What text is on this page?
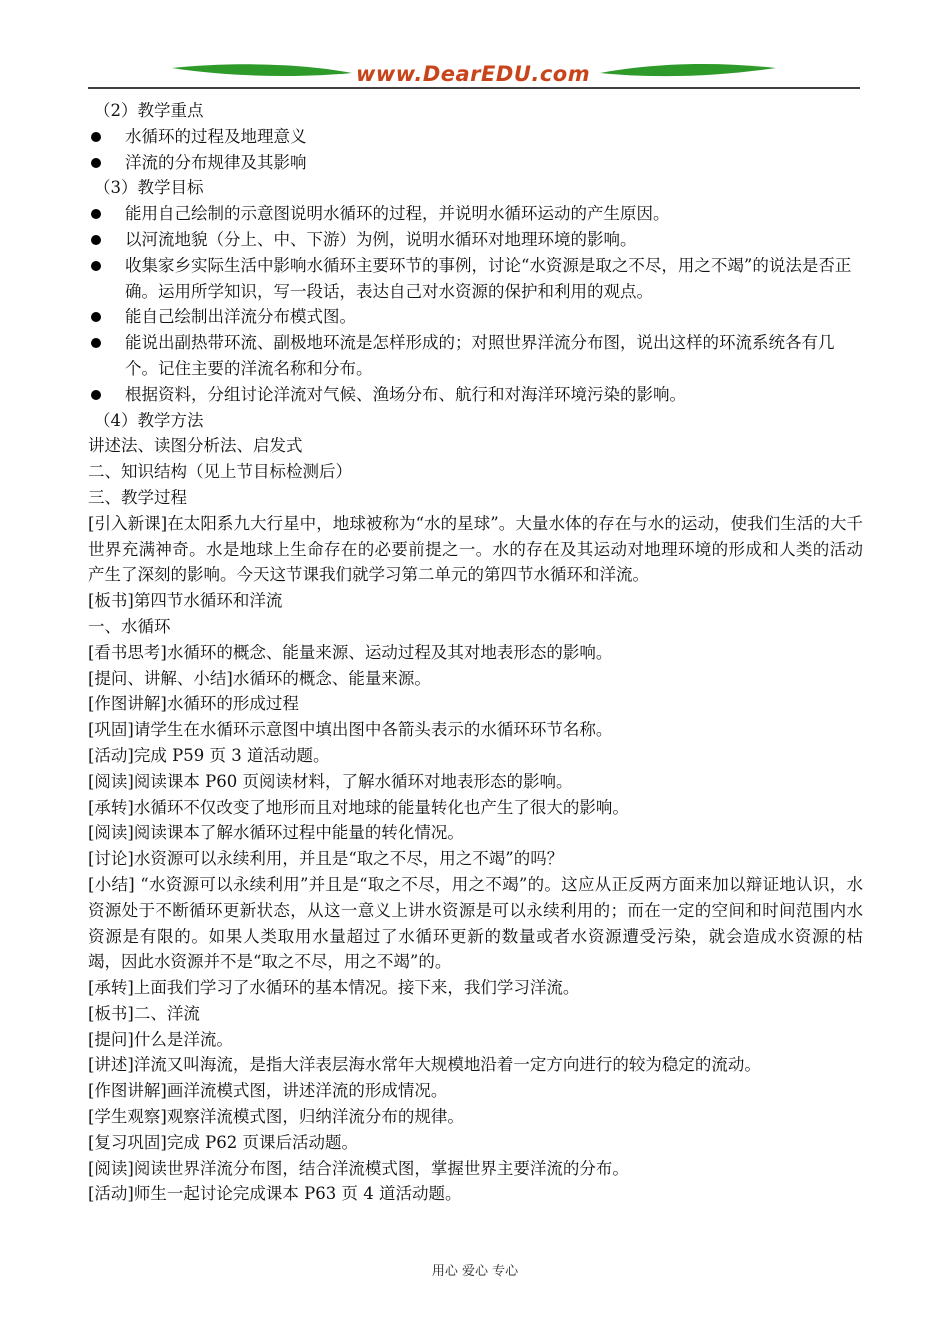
www.DearEDU.com
（2）教学重点
水循环的过程及地理意义
洋流的分布规律及其影响
（3）教学目标
能用自己绘制的示意图说明水循环的过程，并说明水循环运动的产生原因。
以河流地貌（分上、中、下游）为例，说明水循环对地理环境的影响。
收集家乡实际生活中影响水循环主要环节的事例，讨论“水资源是取之不尽，用之不竭”的说法是否正确。运用所学知识，写一段话，表达自己对水资源的保护和利用的观点。
能自己绘制出洋流分布模式图。
能说出副热带环流、副极地环流是怎样形成的；对照世界洋流分布图，说出这样的环流系统各有几个。记住主要的洋流名称和分布。
根据资料，分组讨论洋流对气候、渔场分布、航行和对海洋环境污染的影响。
（4）教学方法
讲述法、读图分析法、启发式
二、知识结构（见上节目标检测后）
三、教学过程
[引入新课]在太阳系九大行星中，地球被称为“水的星球”。大量水体的存在与水的运动，使我们生活的大千世界充满神奇。水是地球上生命存在的必要前提之一。水的存在及其运动对地理环境的形成和人类的活动产生了深刻的影响。今天这节课我们就学习第二单元的第四节水循环和洋流。
[板书]第四节水循环和洋流
一、水循环
[看书思考]水循环的概念、能量来源、运动过程及其对地表形态的影响。
[提问、讲解、小结]水循环的概念、能量来源。
[作图讲解]水循环的形成过程
[巩固]请学生在水循环示意图中填出图中各箭头表示的水循环环节名称。
[活动]完成 P59 页 3 道活动题。
[阅读]阅读课本 P60 页阅读材料，了解水循环对地表形态的影响。
[承转]水循环不仅改变了地形而且对地球的能量转化也产生了很大的影响。
[阅读]阅读课本了解水循环过程中能量的转化情况。
[讨论]水资源可以永续利用，并且是“取之不尽，用之不竭”的吗？
[小结] “水资源可以永续利用”并且是“取之不尽，用之不竭”的。这应从正反两方面来加以辩证地认识，水资源处于不断循环更新状态，从这一意义上讲水资源是可以永续利用的；而在一定的空间和时间范围内水资源是有限的。如果人类取用水量超过了水循环更新的数量或者水资源遭受污染，就会造成水资源的枯竭，因此水资源并不是“取之不尽，用之不竭”的。
[承转]上面我们学习了水循环的基本情况。接下来，我们学习洋流。
[板书]二、洋流
[提问]什么是洋流。
[讲述]洋流又叫海流，是指大洋表层海水常年大规模地沿着一定方向进行的较为稳定的流动。
[作图讲解]画洋流模式图，讲述洋流的形成情况。
[学生观察]观察洋流模式图，归纳洋流分布的规律。
[复习巩固]完成 P62 页课后活动题。
[阅读]阅读世界洋流分布图，结合洋流模式图，掌握世界主要洋流的分布。
[活动]师生一起讨论完成课本 P63 页 4 道活动题。
用心 爱心 专心
